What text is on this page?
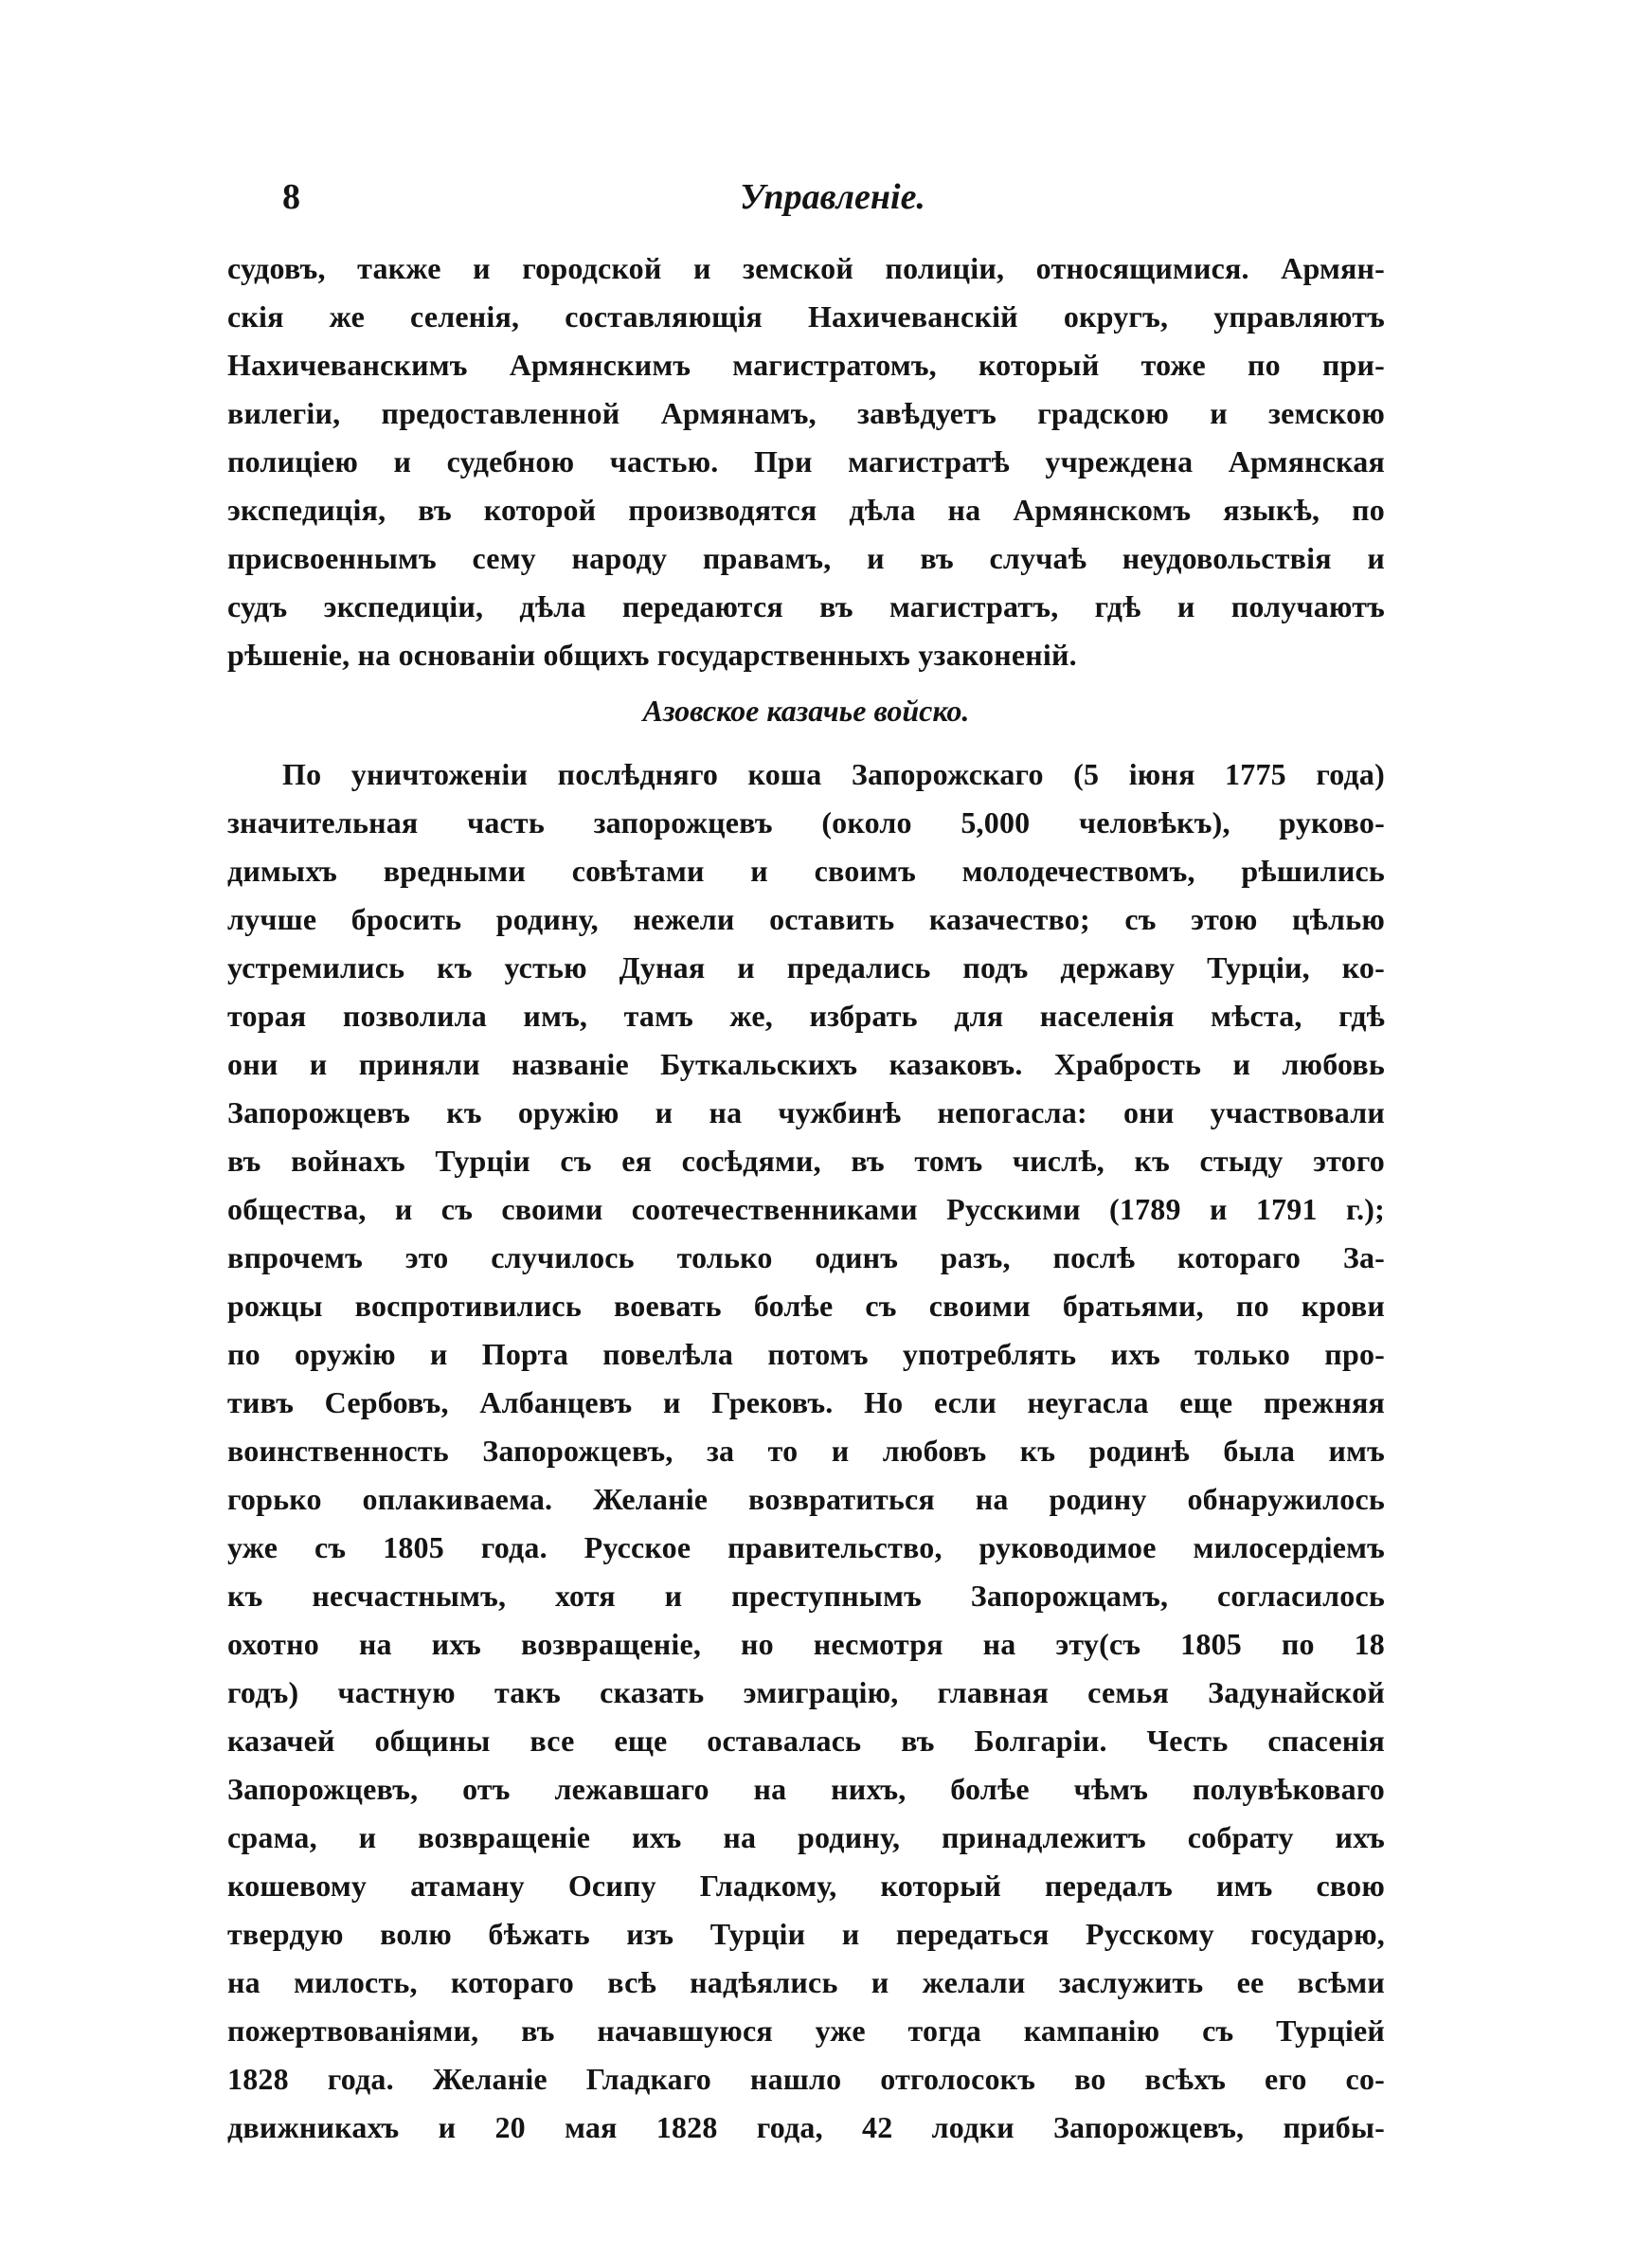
8	Управленіе.
судовъ, также и городской и земской полиціи, относящимися. Армян-
скія же селенія, составляющія Нахичеванскій округъ, управляютъ
Нахичеванскимъ Армянскимъ магистратомъ, который тоже по при-
вилегіи, предоставленной Армянамъ, завѣдуетъ градскою и земскою
полиціею и судебною частью. При магистратѣ учреждена Армянская
экспедиція, въ которой производятся дѣла на Армянскомъ языкѣ, по
присвоеннымъ сему народу правамъ, и въ случаѣ неудовольствія и
судъ экспедиціи, дѣла передаются въ магистратъ, гдѣ и получаютъ
рѣшеніе, на основаніи общихъ государственныхъ узаконеній.
Азовское казачье войско.
По уничтоженіи послѣдняго коша Запорожскаго (5 іюня 1775 года)
значительная часть запорожцевъ (около 5,000 человѣкъ), руково-
димыхъ вредными совѣтами и своимъ молодечествомъ, рѣшились
лучше бросить родину, нежели оставить казачество; съ этою цѣлью
устремились къ устью Дуная и предались подъ державу Турціи, ко-
торая позволила имъ, тамъ же, избрать для населенія мѣста, гдѣ
они и приняли названіе Буткальскихъ казаковъ. Храбрость и любовь
Запорожцевъ къ оружію и на чужбинѣ непогасла: они участвовали
въ войнахъ Турціи съ ея сосѣдями, въ томъ числѣ, къ стыду этого
общества, и съ своими соотечественниками Русскими (1789 и 1791 г.);
впрочемъ это случилось только одинъ разъ, послѣ котораго За-
рожцы воспротивились воевать болѣе съ своими братьями, по крови
по оружію и Порта повелѣла потомъ употреблять ихъ только про-
тивъ Сербовъ, Албанцевъ и Грековъ. Но если неугасла еще прежняя
воинственность Запорожцевъ, за то и любовъ къ родинѣ была имъ
горько оплакиваема. Желаніе возвратиться на родину обнаружилось
уже съ 1805 года. Русское правительство, руководимое милосердіемъ
къ несчастнымъ, хотя и преступнымъ Запорожцамъ, согласилось
охотно на ихъ возвращеніе, но несмотря на эту(съ 1805 по 18
годъ) частную такъ сказать эмиграцію, главная семья Задунайской
казачей общины все еще оставалась въ Болгаріи. Честь спасенія
Запорожцевъ, отъ лежавшаго на нихъ, болѣе чѣмъ полувѣковаго
срама, и возвращеніе ихъ на родину, принадлежитъ собрату ихъ
кошевому атаману Осипу Гладкому, который передалъ имъ свою
твердую волю бѣжать изъ Турціи и передаться Русскому государю,
на милость, котораго всѣ надѣялись и желали заслужить ее всѣми
пожертвованіями, въ начавшуюся уже тогда кампанію съ Турціей
1828 года. Желаніе Гладкаго нашло отголосокъ во всѣхъ его со-
движникахъ и 20 мая 1828 года, 42 лодки Запорожцевъ, прибы-
